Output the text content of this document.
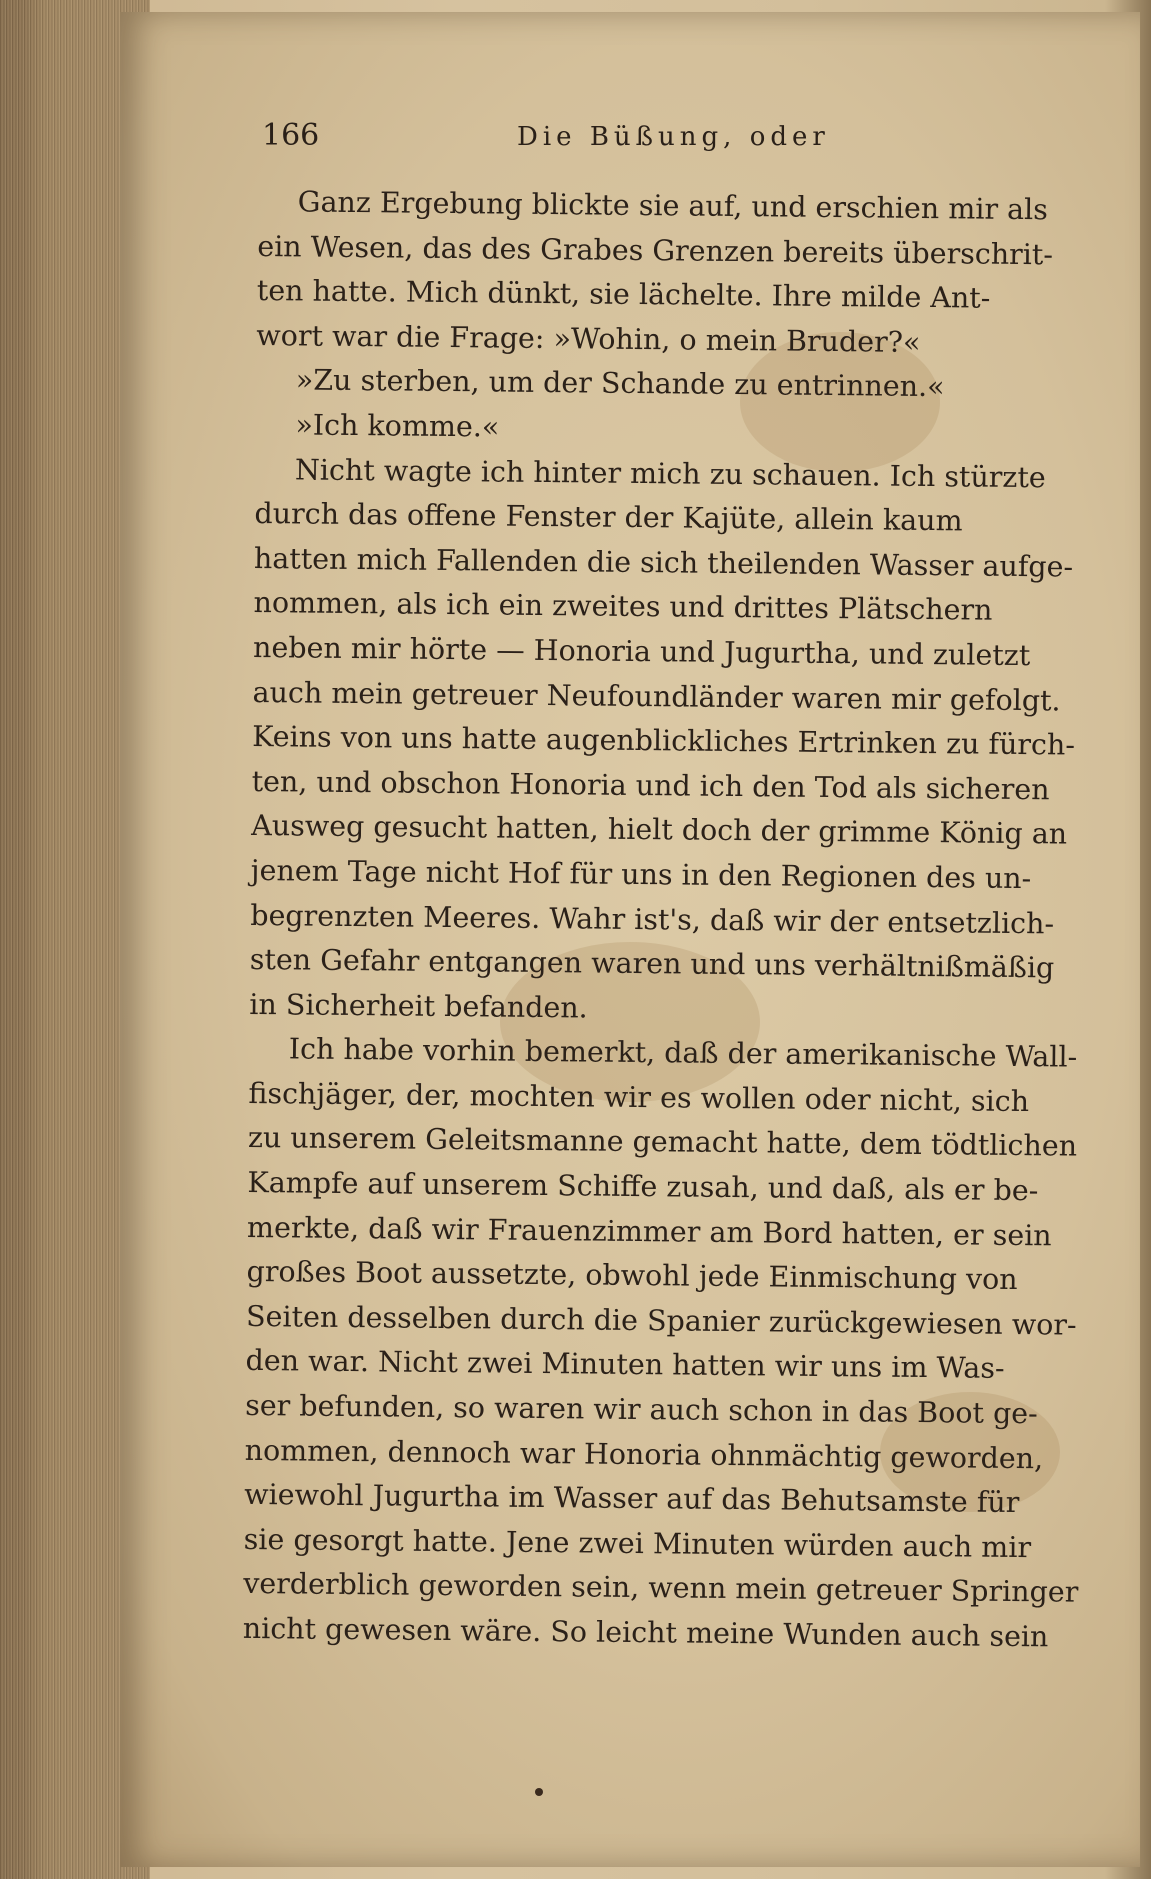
166	Die Büßung, oder
Ganz Ergebung blickte sie auf, und erschien mir als
ein Wesen, das des Grabes Grenzen bereits überschrit-
ten hatte. Mich dünkt, sie lächelte. Ihre milde Ant-
wort war die Frage: »Wohin, o mein Bruder?«
»Zu sterben, um der Schande zu entrinnen.«
»Ich komme.«
Nicht wagte ich hinter mich zu schauen. Ich stürzte
durch das offene Fenster der Kajüte, allein kaum
hatten mich Fallenden die sich theilenden Wasser aufge-
nommen, als ich ein zweites und drittes Plätschern
neben mir hörte — Honoria und Jugurtha, und zuletzt
auch mein getreuer Neufoundländer waren mir gefolgt.
Keins von uns hatte augenblickliches Ertrinken zu fürch-
ten, und obschon Honoria und ich den Tod als sicheren
Ausweg gesucht hatten, hielt doch der grimme König an
jenem Tage nicht Hof für uns in den Regionen des un-
begrenzten Meeres. Wahr ist's, daß wir der entsetzlich-
sten Gefahr entgangen waren und uns verhältnißmäßig
in Sicherheit befanden.
Ich habe vorhin bemerkt, daß der amerikanische Wall-
fischjäger, der, mochten wir es wollen oder nicht, sich
zu unserem Geleitsmanne gemacht hatte, dem tödtlichen
Kampfe auf unserem Schiffe zusah, und daß, als er be-
merkte, daß wir Frauenzimmer am Bord hatten, er sein
großes Boot aussetzte, obwohl jede Einmischung von
Seiten desselben durch die Spanier zurückgewiesen wor-
den war. Nicht zwei Minuten hatten wir uns im Was-
ser befunden, so waren wir auch schon in das Boot ge-
nommen, dennoch war Honoria ohnmächtig geworden,
wiewohl Jugurtha im Wasser auf das Behutsamste für
sie gesorgt hatte. Jene zwei Minuten würden auch mir
verderblich geworden sein, wenn mein getreuer Springer
nicht gewesen wäre. So leicht meine Wunden auch sein
